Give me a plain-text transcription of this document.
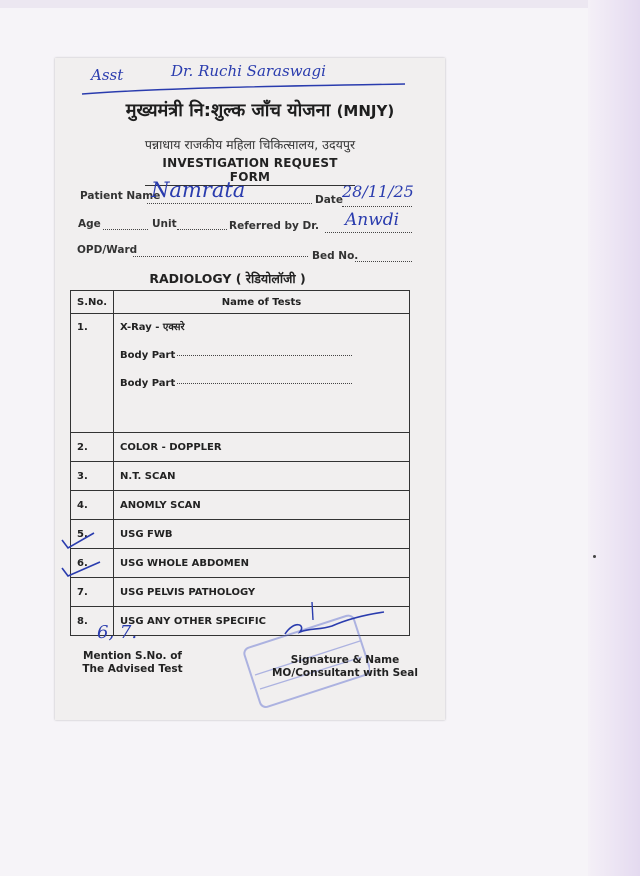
Asst	Dr. Ruchi Saraswagi
मुख्यमंत्री नि:शुल्क जाँच योजना (MNJY)
पन्नाधाय राजकीय महिला चिकित्सालय, उदयपुर
INVESTIGATION REQUEST FORM
Patient Name
Namrata	Date 28/11/25
Age	Unit	Referred by Dr. Anwdi
OPD/Ward	Bed No.
RADIOLOGY ( रेडियोलॉजी )
S.No.	Name of Tests
1.	X-Ray - एक्सरे
Body Part
Body Part

2.	COLOR - DOPPLER
3.	N.T. SCAN
4.	ANOMLY SCAN
5.	USG FWB
6.	USG WHOLE ABDOMEN
7.	USG PELVIS PATHOLOGY
8.	USG ANY OTHER SPECIFIC
6, 7.
Mention S.No. of
The Advised Test
Signature & Name
MO/Consultant with Seal
